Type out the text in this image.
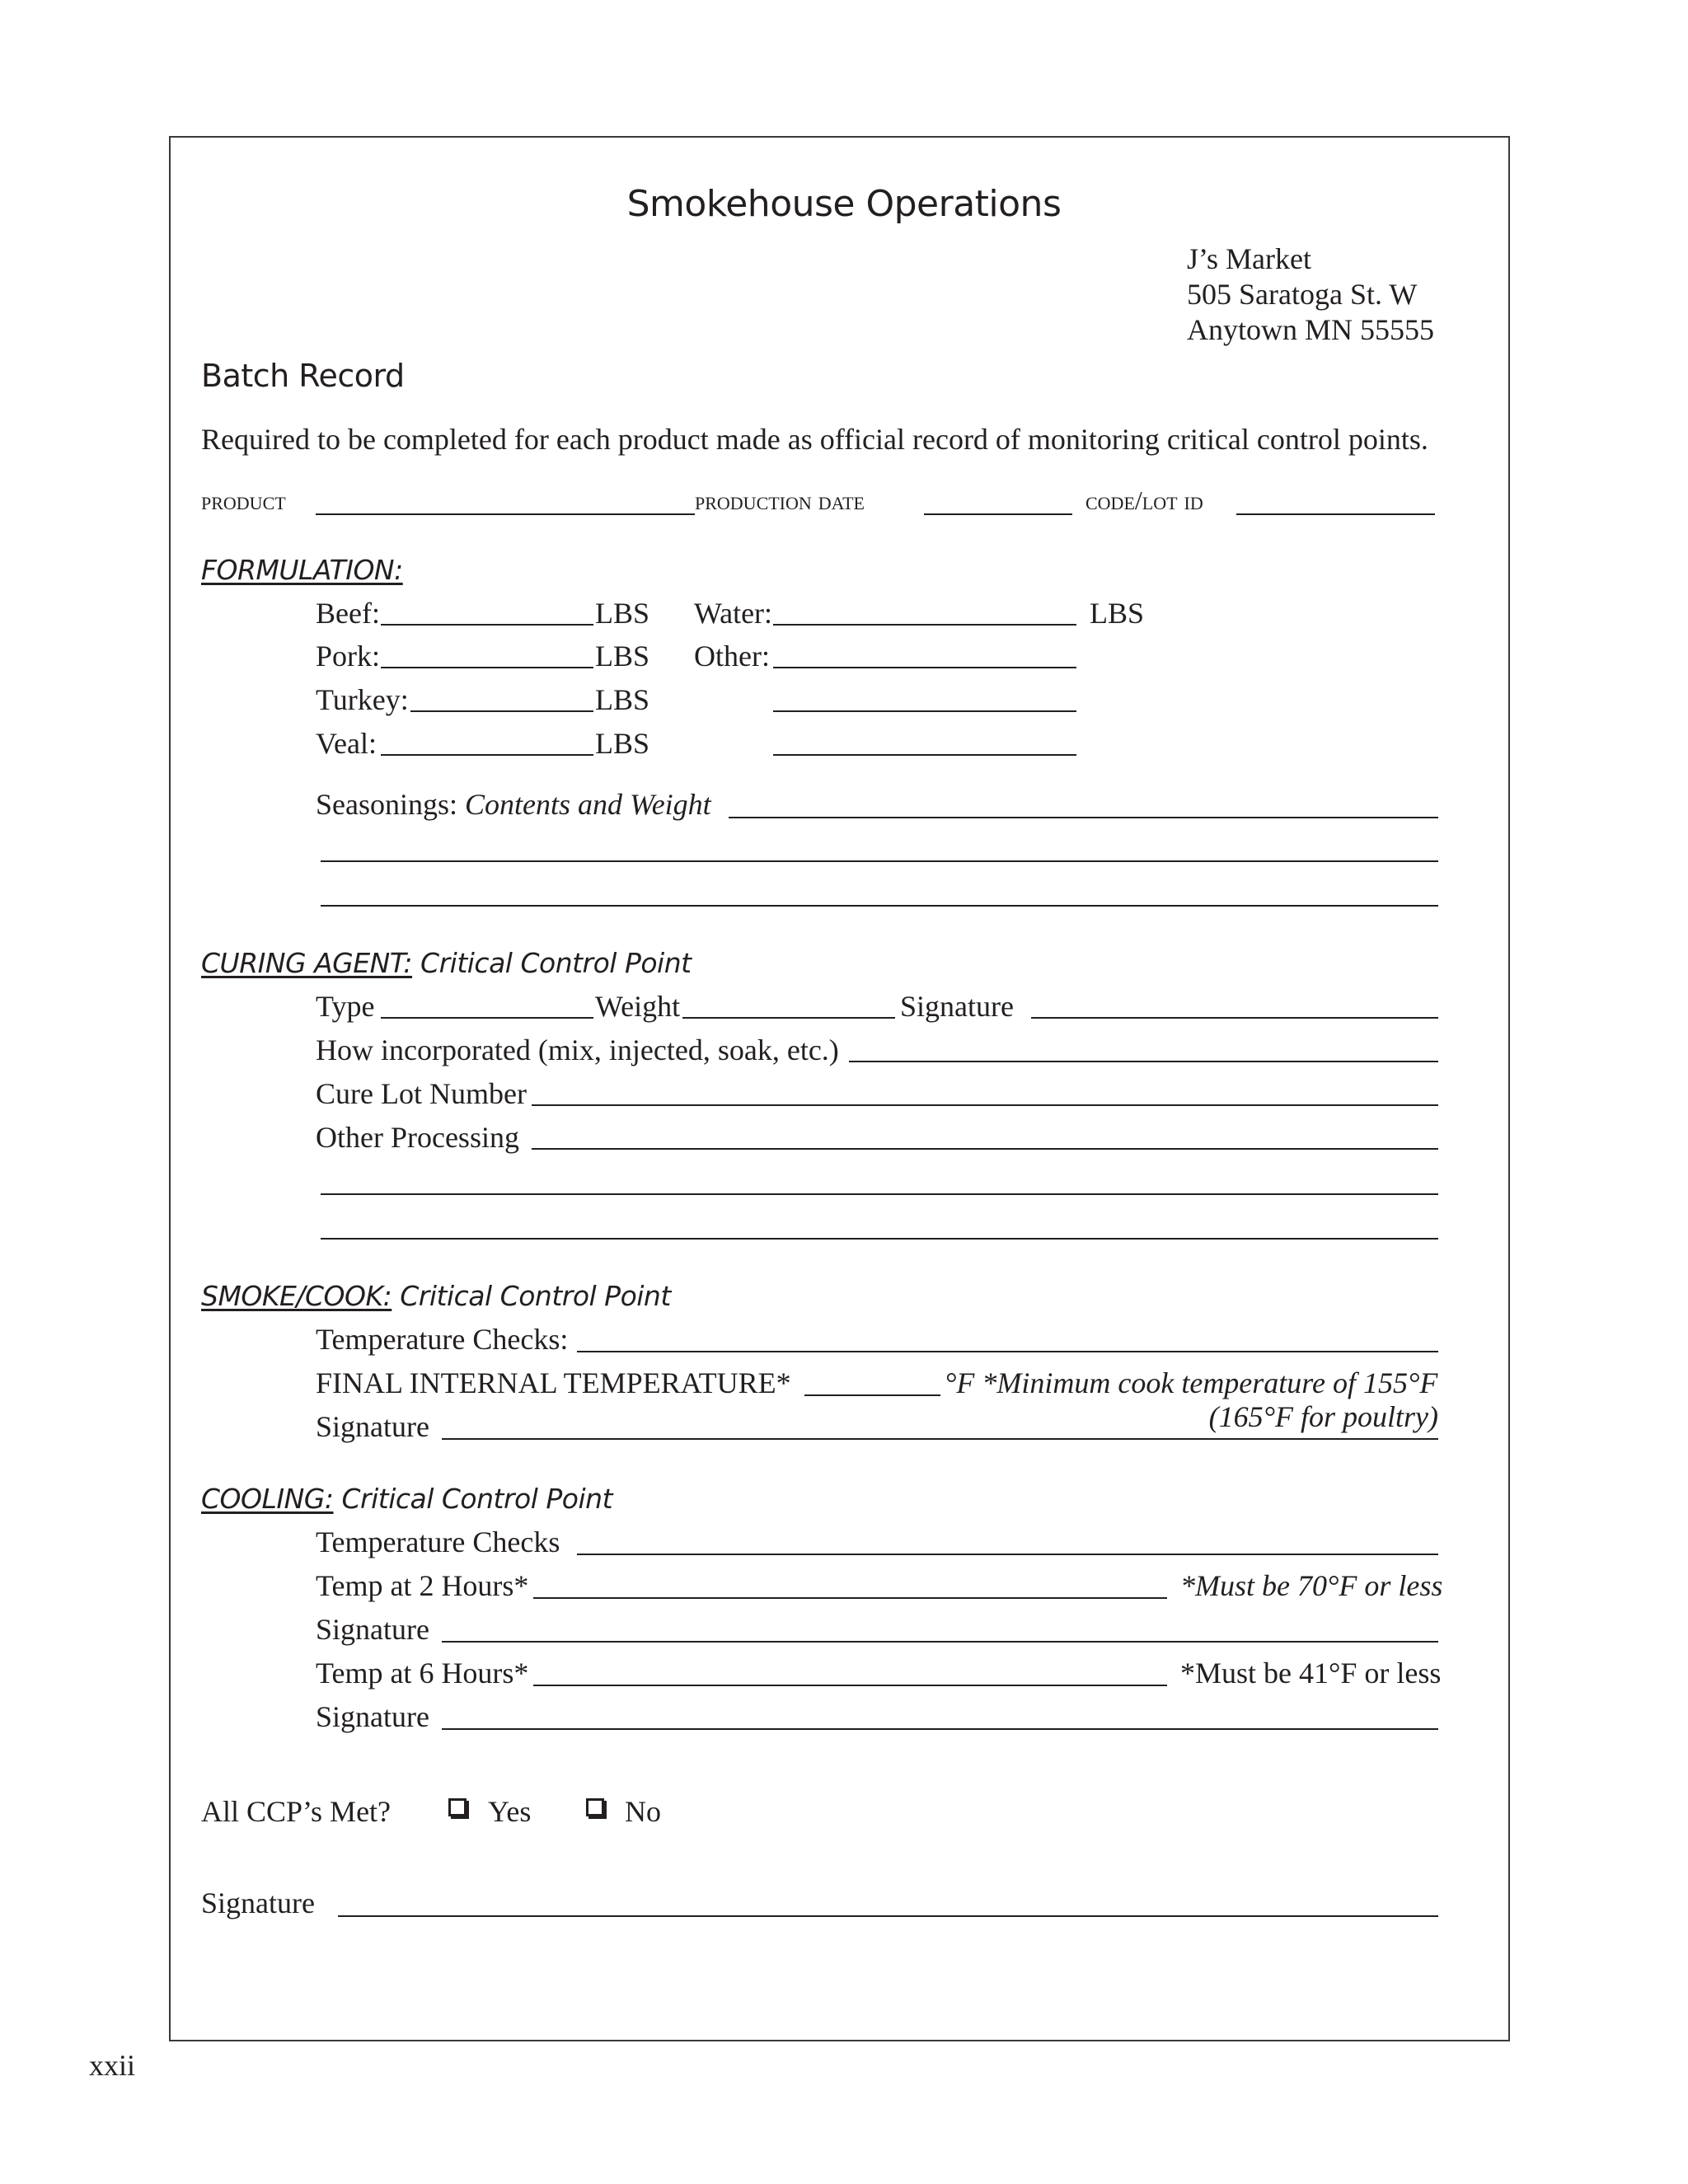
Smokehouse Operations
J’s Market
505 Saratoga St. W
Anytown MN 55555
Batch Record
Required to be completed for each product made as official record of monitoring critical control points.
product	production date	code/lot id
FORMULATION:
Beef:	LBS Water:	LBS
Pork:	LBS Other:
Turkey:	LBS
Veal:	LBS
Seasonings: Contents and Weight
CURING AGENT: Critical Control Point
Type	Weight	Signature
How incorporated (mix, injected, soak, etc.)
Cure Lot Number
Other Processing
SMOKE/COOK: Critical Control Point
Temperature Checks:
FINAL INTERNAL TEMPERATURE*	°F *Minimum cook temperature of 155°F
(165°F for poultry)
Signature
COOLING: Critical Control Point
Temperature Checks
Temp at 2 Hours*	*Must be 70°F or less
Signature
Temp at 6 Hours*	*Must be 41°F or less
Signature
All CCP’s Met?	Yes	No
Signature
xxii
